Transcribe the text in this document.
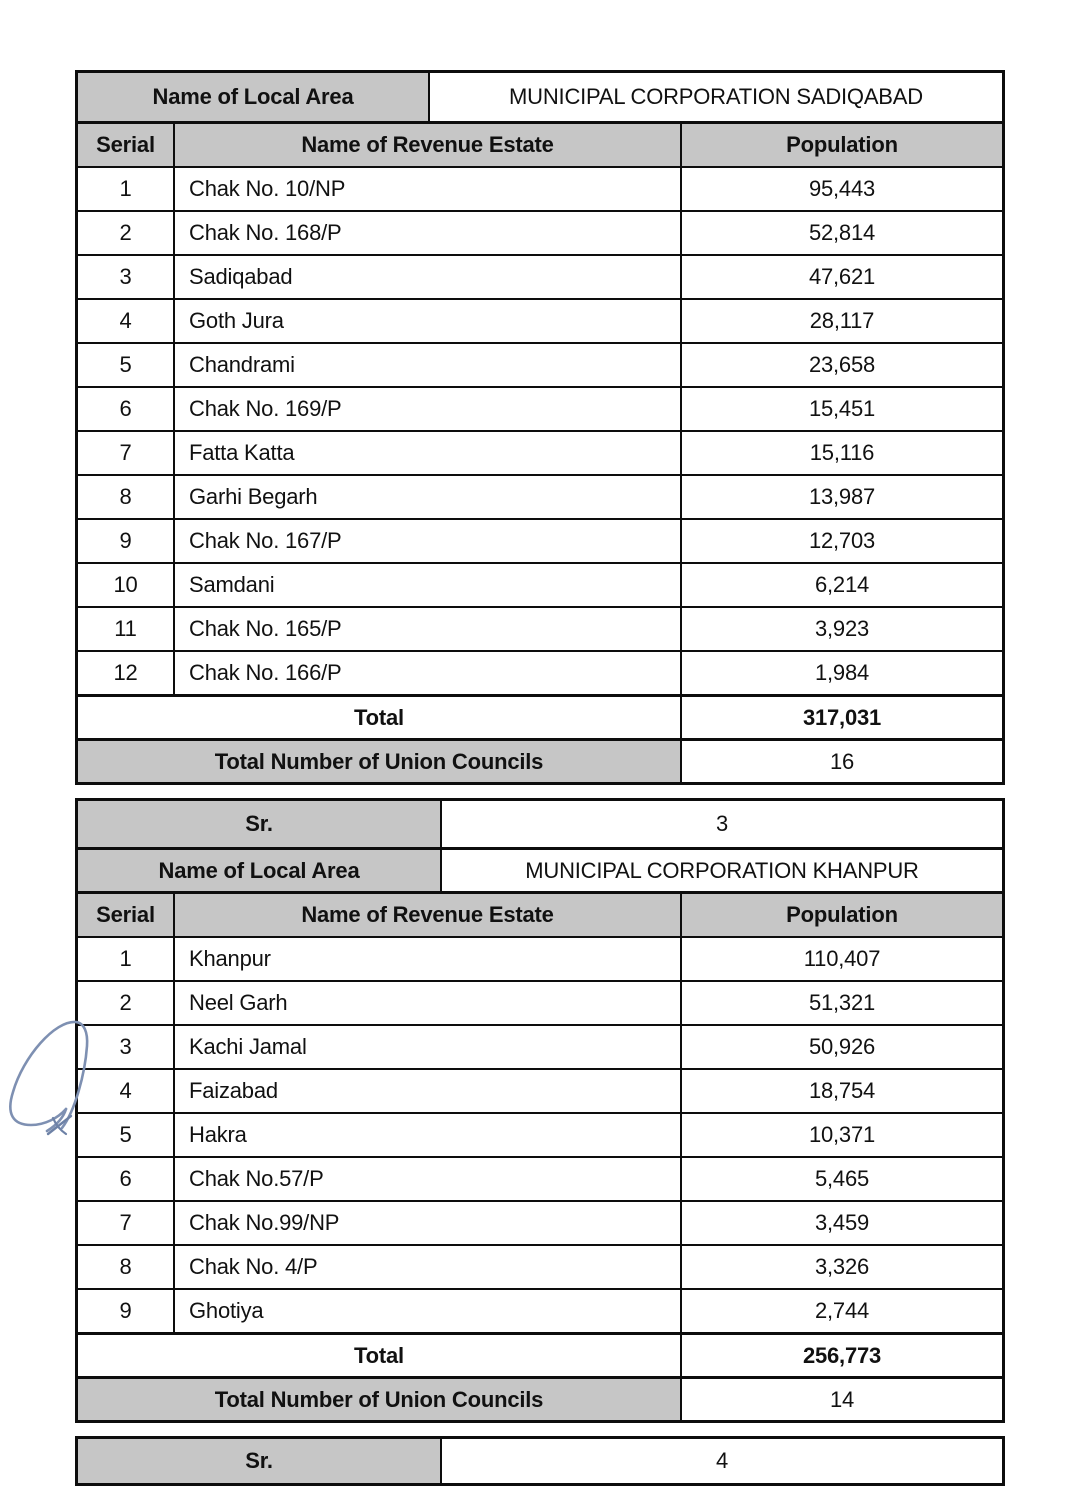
Name of Local Area	MUNICIPAL CORPORATION SADIQABAD
Serial	Name of Revenue Estate	Population
1	Chak No. 10/NP	95,443
2	Chak No. 168/P	52,814
3	Sadiqabad	47,621
4	Goth Jura	28,117
5	Chandrami	23,658
6	Chak No. 169/P	15,451
7	Fatta Katta	15,116
8	Garhi Begarh	13,987
9	Chak No. 167/P	12,703
10	Samdani	6,214
11	Chak No. 165/P	3,923
12	Chak No. 166/P	1,984
Total	317,031
Total Number of Union Councils	16
Sr.	3
Name of Local Area	MUNICIPAL CORPORATION KHANPUR
Serial	Name of Revenue Estate	Population
1	Khanpur	110,407
2	Neel Garh	51,321
3	Kachi Jamal	50,926
4	Faizabad	18,754
5	Hakra	10,371
6	Chak No.57/P	5,465
7	Chak No.99/NP	3,459
8	Chak No. 4/P	3,326
9	Ghotiya	2,744
Total	256,773
Total Number of Union Councils	14
Sr.	4
